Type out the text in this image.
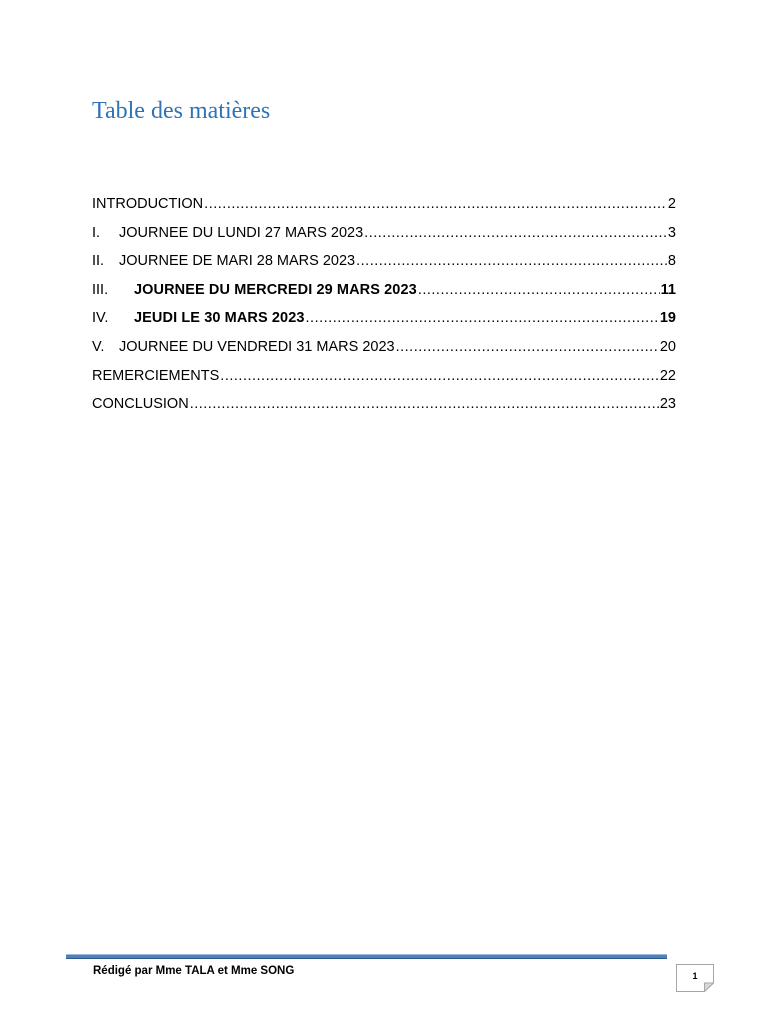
Table des matières
INTRODUCTION .....	2
I.	JOURNEE DU LUNDI 27 MARS 2023 .....	3
II.	JOURNEE DE MARI 28 MARS 2023 .....	8
III.	JOURNEE DU MERCREDI 29 MARS 2023 .....	11
IV.	JEUDI LE 30 MARS 2023 .....	19
V.	JOURNEE DU VENDREDI 31 MARS 2023 .....	20
REMERCIEMENTS .....	22
CONCLUSION .....	23
Rédigé par Mme TALA et Mme SONG	1
